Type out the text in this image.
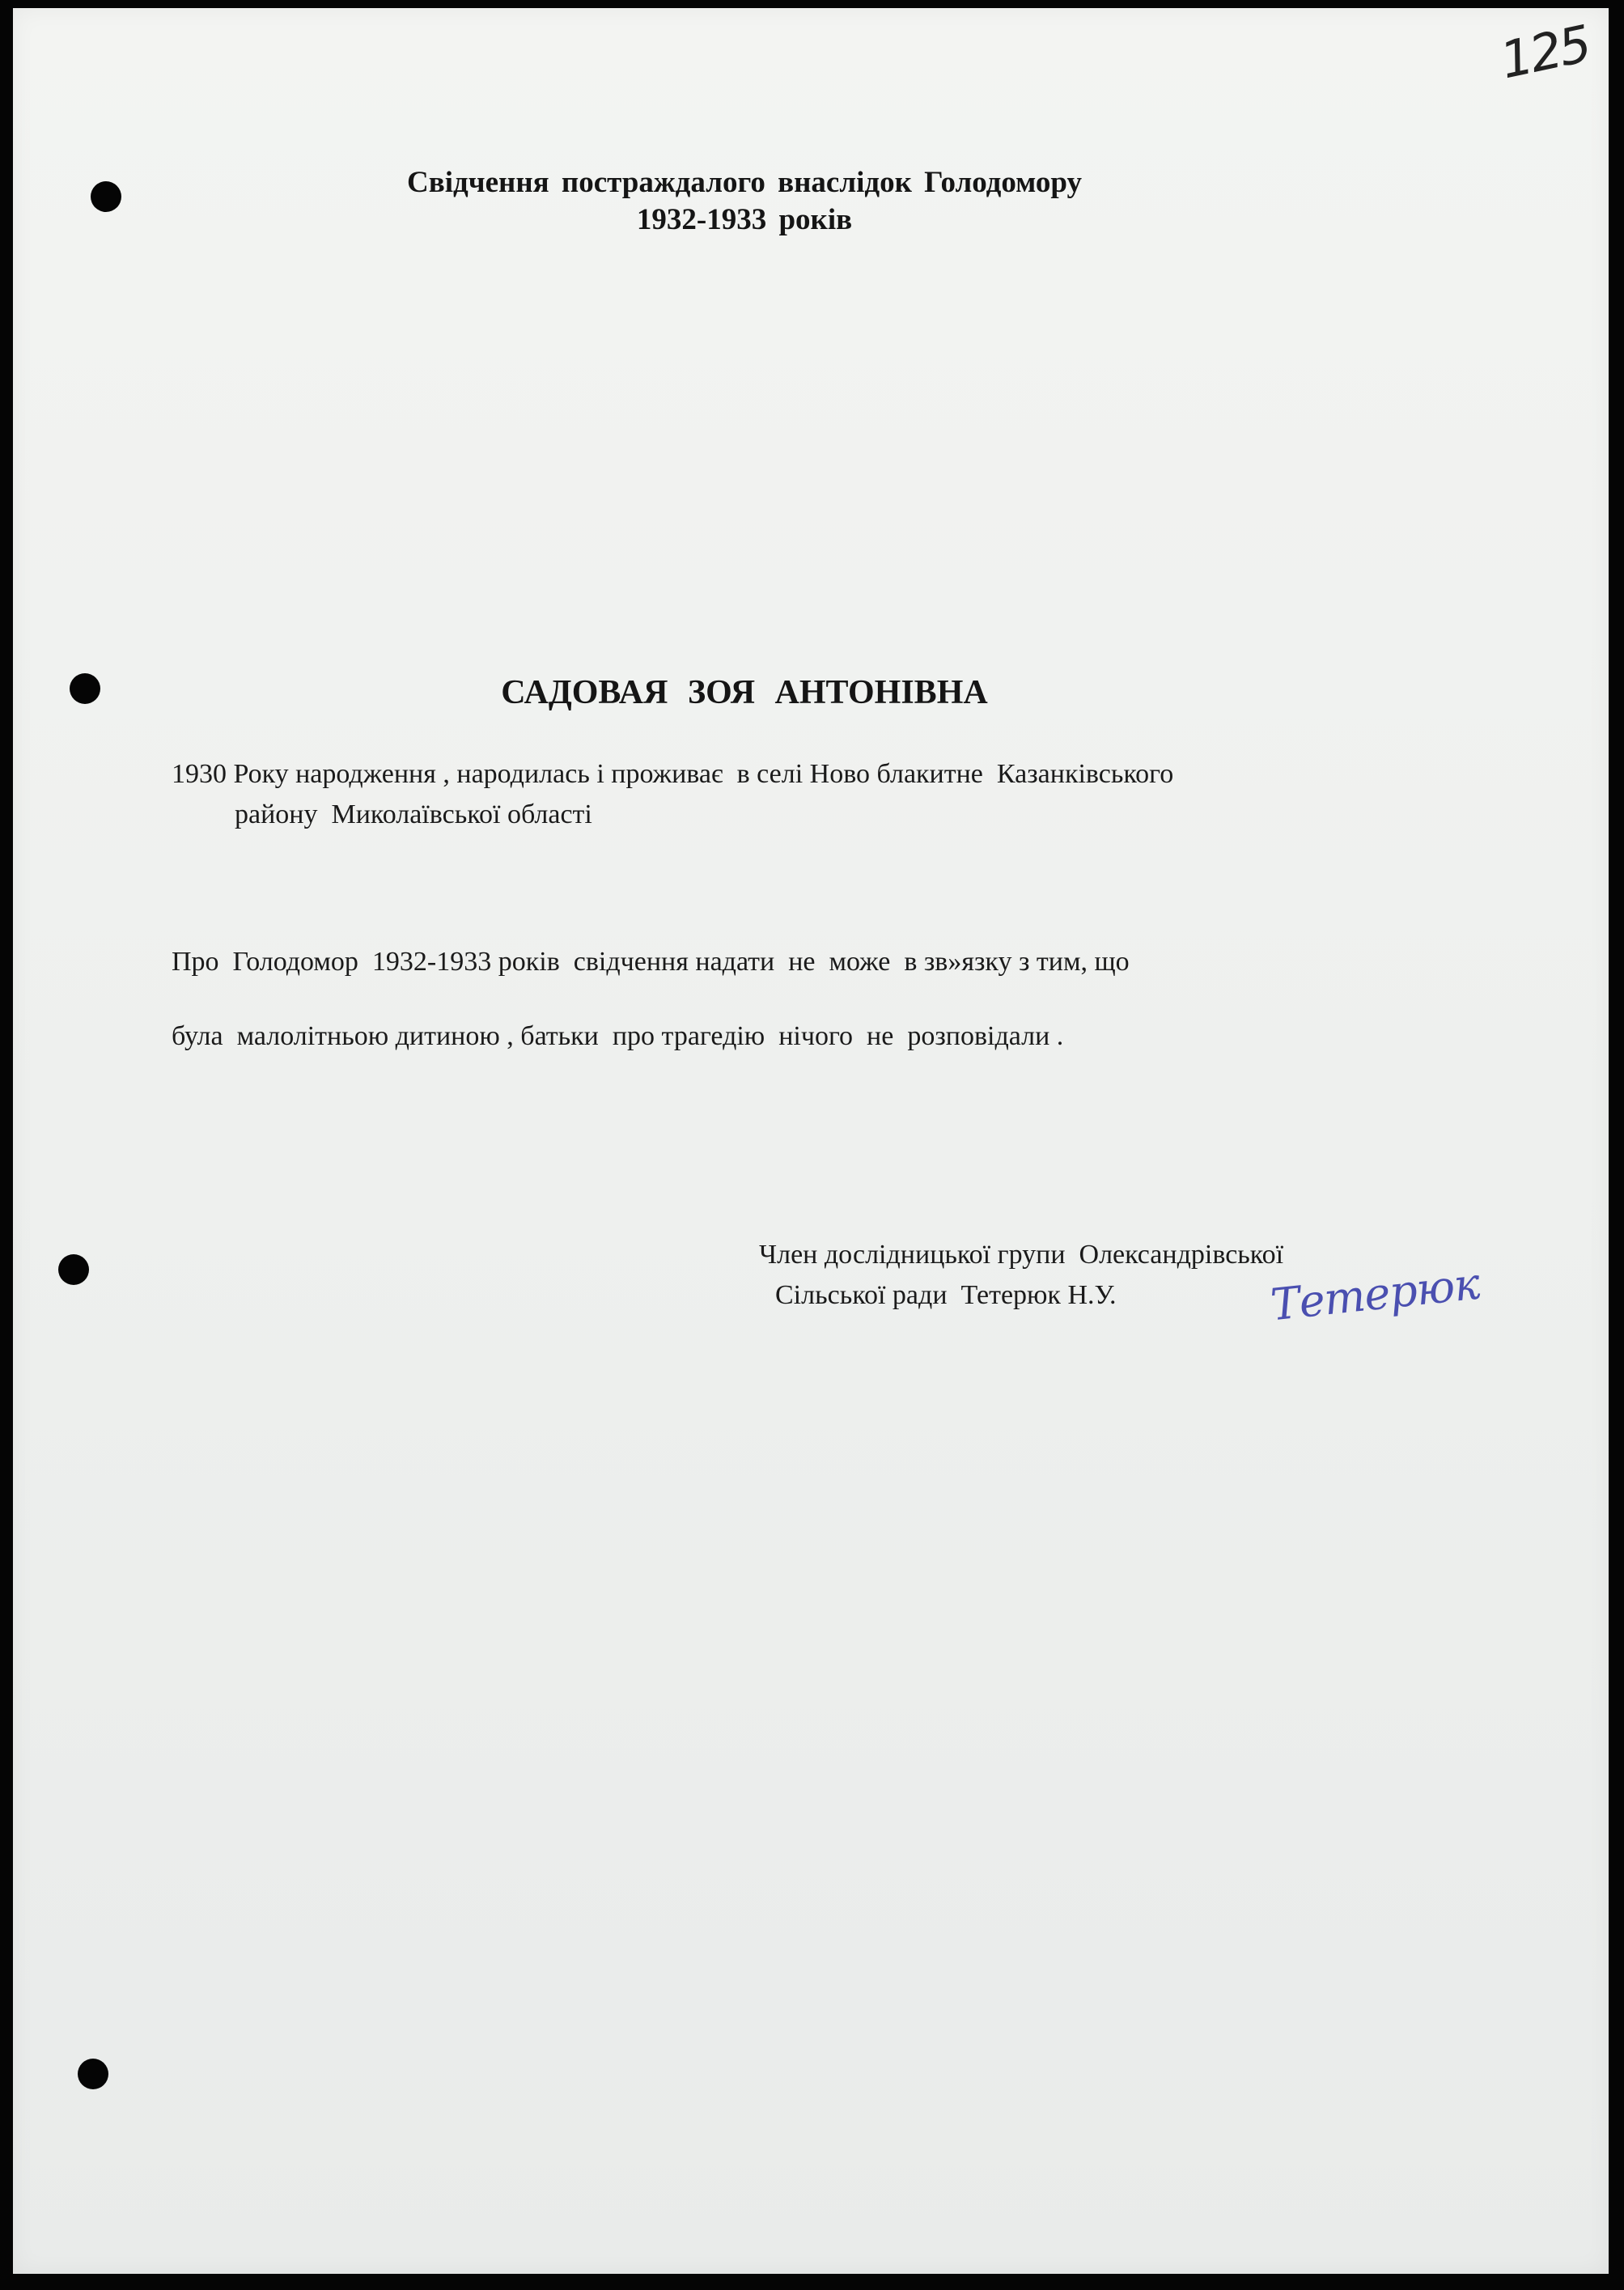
125
Свідчення постраждалого внаслідок Голодомору
1932-1933 років
САДОВАЯ ЗОЯ АНТОНІВНА
1930 Року народження , народилась і проживає  в селі Ново блакитне  Казанківського
району  Миколаївської області
Про  Голодомор  1932-1933 років  свідчення надати  не  може  в зв»язку з тим, що
була  малолітньою дитиною , батьки  про трагедію  нічого  не  розповідали .
Член дослідницької групи  Олександрівської
Сільської ради  Тетерюк Н.У.	Тетерюк
